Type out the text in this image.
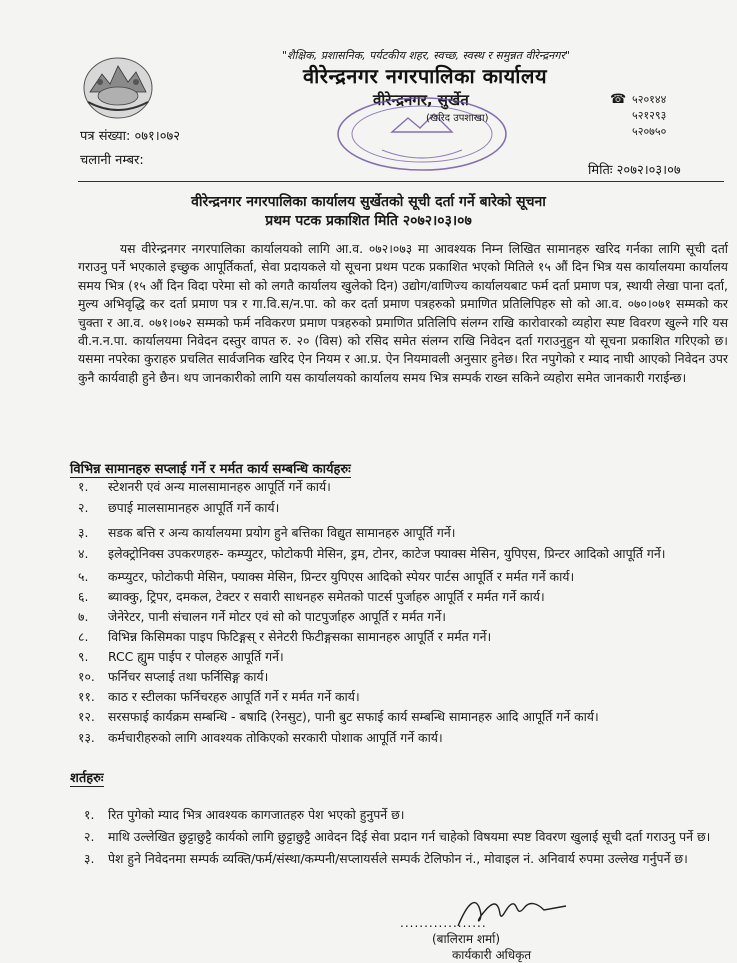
"शैक्षिक, प्रशासनिक, पर्यटकीय शहर, स्वच्छ, स्वस्थ र समुन्नत वीरेन्द्रनगर"
वीरेन्द्रनगर नगरपालिका कार्यालय
वीरेन्द्रनगर, सुर्खेत
(खरिद उपशाखा)
☎ ५२०१४४
५२१२९३
५२०७५०
पत्र संख्या: ०७१।०७२
चलानी नम्बर:
मितिः २०७२।०३।०७
वीरेन्द्रनगर नगरपालिका कार्यालय सुर्खेतको सूची दर्ता गर्ने बारेको सूचना
प्रथम पटक प्रकाशित मिति २०७२।०३।०७
यस वीरेन्द्रनगर नगरपालिका कार्यालयको लागि आ.व. ०७२।०७३ मा आवश्यक निम्न लिखित सामानहरु खरिद गर्नका लागि सूची दर्ता गराउनु पर्ने भएकाले इच्छुक आपूर्तिकर्ता, सेवा प्रदायकले यो सूचना प्रथम पटक प्रकाशित भएको मितिले १५ औं दिन भित्र यस कार्यालयमा कार्यालय समय भित्र (१५ औं दिन विदा परेमा सो को लगतै कार्यालय खुलेको दिन) उद्योग/वाणिज्य कार्यालयबाट फर्म दर्ता प्रमाण पत्र, स्थायी लेखा पाना दर्ता, मुल्य अभिवृद्धि कर दर्ता प्रमाण पत्र र गा.वि.स/न.पा. को कर दर्ता प्रमाण पत्रहरुको प्रमाणित प्रतिलिपिहरु सो को आ.व. ०७०।०७१ सम्मको कर चुक्ता र आ.व. ०७१।०७२ सम्मको फर्म नविकरण प्रमाण पत्रहरुको प्रमाणित प्रतिलिपि संलग्न राखि कारोवारको व्यहोरा स्पष्ट विवरण खुल्ने गरि यस वी.न.न.पा. कार्यालयमा निवेदन दस्तुर वापत रु. २० (विस) को रसिद समेत संलग्न राखि निवेदन दर्ता गराउनुहुन यो सूचना प्रकाशित गरिएको छ। यसमा नपरेका कुराहरु प्रचलित सार्वजनिक खरिद ऐन नियम र आ.प्र. ऐन नियमावली अनुसार हुनेछ। रित नपुगेको र म्याद नाघी आएको निवेदन उपर कुनै कार्यवाही हुने छैन। थप जानकारीको लागि यस कार्यालयको कार्यालय समय भित्र सम्पर्क राख्न सकिने व्यहोरा समेत जानकारी गराईन्छ।
विभिन्न सामानहरु सप्लाई गर्ने र मर्मत कार्य सम्बन्धि कार्यहरुः
१. स्टेशनरी एवं अन्य मालसामानहरु आपूर्ति गर्ने कार्य।
२. छपाई मालसामानहरु आपूर्ति गर्ने कार्य।
३. सडक बत्ति र अन्य कार्यालयमा प्रयोग हुने बत्तिका विद्युत सामानहरु आपूर्ति गर्ने।
४. इलेक्ट्रोनिक्स उपकरणहरु- कम्प्युटर, फोटोकपी मेसिन, ड्रम, टोनर, काटेज फ्याक्स मेसिन, युपिएस, प्रिन्टर आदिको आपूर्ति गर्ने।
५. कम्प्युटर, फोटोकपी मेसिन, फ्याक्स मेसिन, प्रिन्टर युपिएस आदिको स्पेयर पार्टस आपूर्ति र मर्मत गर्ने कार्य।
६. ब्याक्कु, ट्रिपर, दमकल, टेक्टर र सवारी साधनहरु समेतको पाटर्स पुर्जाहरु आपूर्ति र मर्मत गर्ने कार्य।
७. जेनेरेटर, पानी संचालन गर्ने मोटर एवं सो को पाटपुर्जाहरु आपूर्ति र मर्मत गर्ने।
८. विभिन्न किसिमका पाइप फिटिङ्गस् र सेनेटरी फिटीङ्गसका सामानहरु आपूर्ति र मर्मत गर्ने।
९. RCC ह्युम पाईप र पोलहरु आपूर्ति गर्ने।
१०. फर्निचर सप्लाई तथा फर्निसिङ्ग कार्य।
११. काठ र स्टीलका फर्निचरहरु आपूर्ति गर्ने र मर्मत गर्ने कार्य।
१२. सरसफाई कार्यक्रम सम्बन्धि - बषादि (रेनसुट), पानी बुट सफाई कार्य सम्बन्धि सामानहरु आदि आपूर्ति गर्ने कार्य।
१३. कर्मचारीहरुको लागि आवश्यक तोकिएको सरकारी पोशाक आपूर्ति गर्ने कार्य।
शर्तहरुः
१. रित पुगेको म्याद भित्र आवश्यक कागजातहरु पेश भएको हुनुपर्ने छ।
२. माथि उल्लेखित छुट्टाछुट्टै कार्यको लागि छुट्टाछुट्टै आवेदन दिई सेवा प्रदान गर्न चाहेको विषयमा स्पष्ट विवरण खुलाई सूची दर्ता गराउनु पर्ने छ।
३. पेश हुने निवेदनमा सम्पर्क व्यक्ति/फर्म/संस्था/कम्पनी/सप्लायर्सले सम्पर्क टेलिफोन नं., मोवाइल नं. अनिवार्य रुपमा उल्लेख गर्नुपर्ने छ।
..................
(बालिराम शर्मा)
कार्यकारी अधिकृत
